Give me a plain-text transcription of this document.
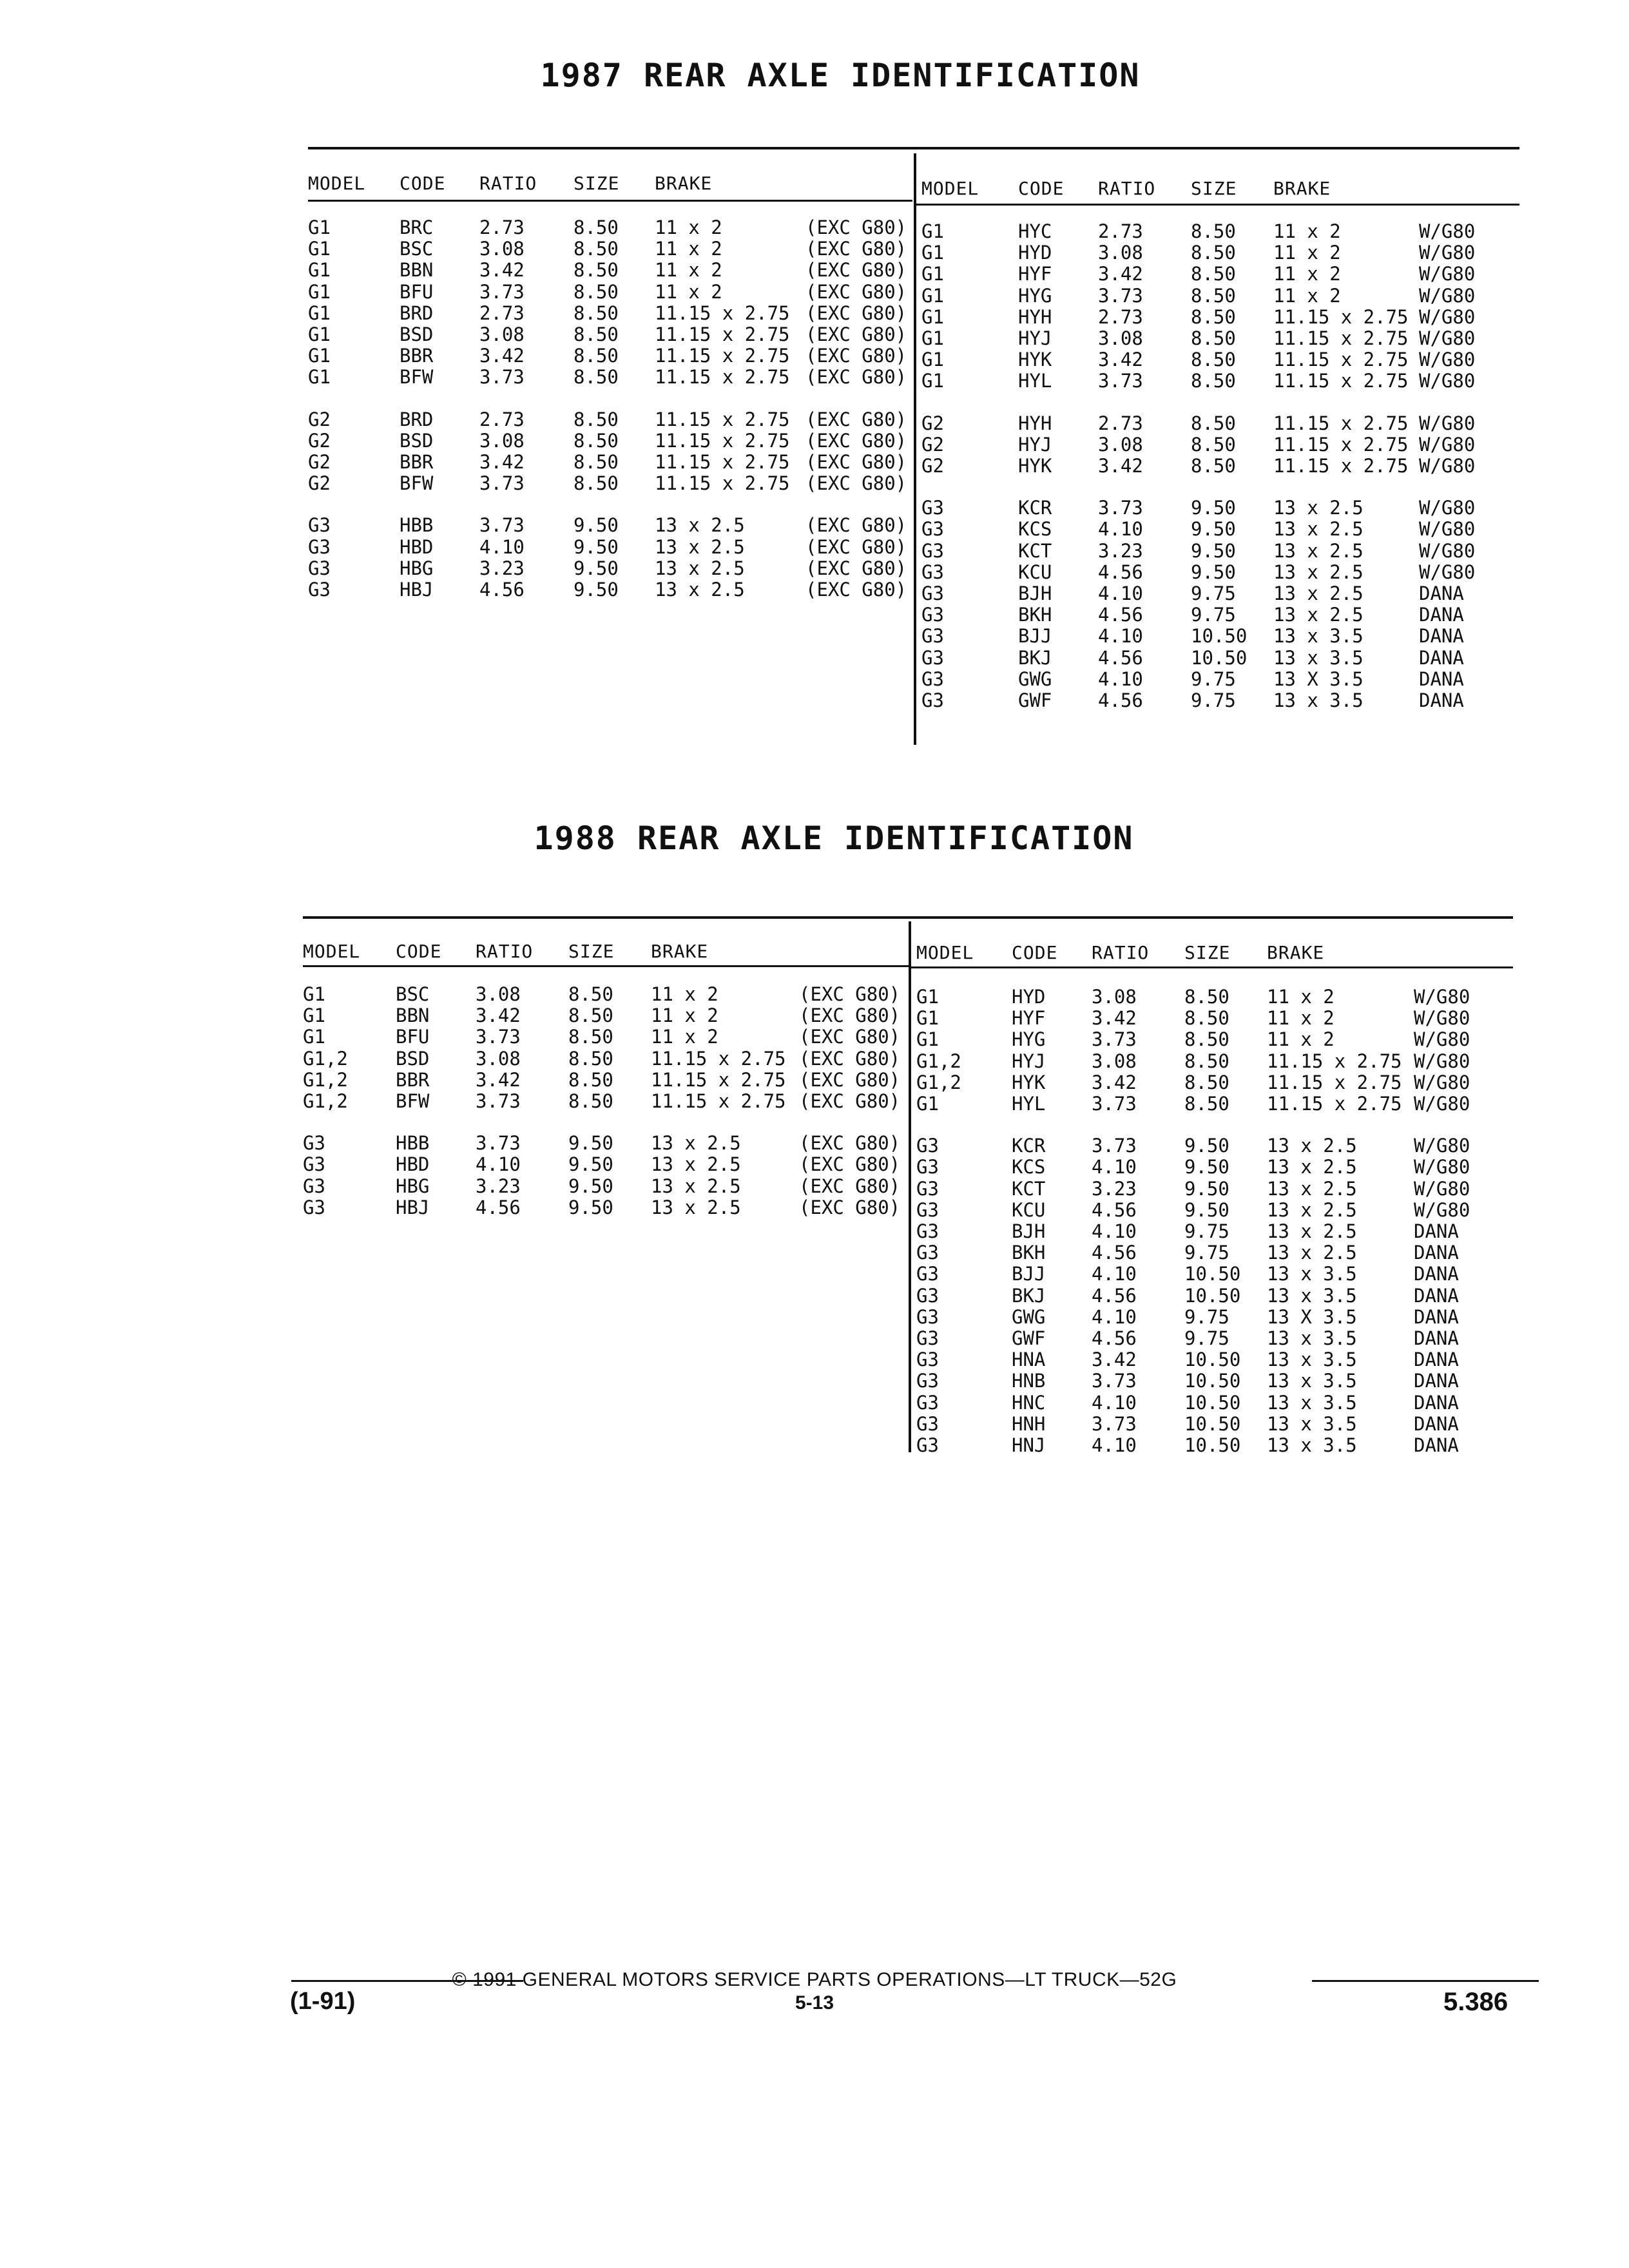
1987 REAR AXLE IDENTIFICATION
MODEL CODE RATIO SIZE BRAKE	MODEL CODE RATIO SIZE BRAKE
G1	BRC 2.73	8.50 11 x 2	(EXC G80)
G1	BSC 3.08	8.50 11 x 2	(EXC G80)
G1	BBN 3.42	8.50 11 x 2	(EXC G80)
G1	BFU 3.73	8.50 11 x 2	(EXC G80)
G1	BRD 2.73	8.50 11.15 x 2.75 (EXC G80)
G1	BSD 3.08	8.50 11.15 x 2.75 (EXC G80)
G1	BBR 3.42	8.50 11.15 x 2.75 (EXC G80)
G1	BFW 3.73	8.50 11.15 x 2.75 (EXC G80)
G2	BRD 2.73	8.50 11.15 x 2.75 (EXC G80)
G2	BSD 3.08	8.50 11.15 x 2.75 (EXC G80)
G2	BBR 3.42	8.50 11.15 x 2.75 (EXC G80)
G2	BFW 3.73	8.50 11.15 x 2.75 (EXC G80)
G3	HBB 3.73	9.50 13 x 2.5	(EXC G80)
G3	HBD 4.10	9.50 13 x 2.5	(EXC G80)
G3	HBG 3.23	9.50 13 x 2.5	(EXC G80)
G3	HBJ 4.56	9.50 13 x 2.5	(EXC G80)
G1	HYC 2.73	8.50 11 x 2	W/G80
G1	HYD 3.08	8.50 11 x 2	W/G80
G1	HYF 3.42	8.50 11 x 2	W/G80
G1	HYG 3.73	8.50 11 x 2	W/G80
G1	HYH 2.73	8.50 11.15 x 2.75 W/G80
G1	HYJ 3.08	8.50 11.15 x 2.75 W/G80
G1	HYK 3.42	8.50 11.15 x 2.75 W/G80
G1	HYL 3.73	8.50 11.15 x 2.75 W/G80
G2	HYH 2.73	8.50 11.15 x 2.75 W/G80
G2	HYJ 3.08	8.50 11.15 x 2.75 W/G80
G2	HYK 3.42	8.50 11.15 x 2.75 W/G80
G3	KCR 3.73	9.50 13 x 2.5	W/G80
G3	KCS 4.10	9.50 13 x 2.5	W/G80
G3	KCT 3.23	9.50 13 x 2.5	W/G80
G3	KCU 4.56	9.50 13 x 2.5	W/G80
G3	BJH 4.10	9.75 13 x 2.5	DANA
G3	BKH 4.56	9.75 13 x 2.5	DANA
G3	BJJ 4.10	10.50 13 x 3.5	DANA
G3	BKJ 4.56	10.50 13 x 3.5	DANA
G3	GWG 4.10	9.75 13 X 3.5	DANA
G3	GWF 4.56	9.75 13 x 3.5	DANA
1988 REAR AXLE IDENTIFICATION
MODEL CODE RATIO SIZE BRAKE	MODEL CODE RATIO SIZE BRAKE
G1	BSC 3.08	8.50 11 x 2	(EXC G80)
G1	BBN 3.42	8.50 11 x 2	(EXC G80)
G1	BFU 3.73	8.50 11 x 2	(EXC G80)
G1,2	BSD 3.08	8.50 11.15 x 2.75 (EXC G80)
G1,2	BBR 3.42	8.50 11.15 x 2.75 (EXC G80)
G1,2	BFW 3.73	8.50 11.15 x 2.75 (EXC G80)
G3	HBB 3.73	9.50 13 x 2.5	(EXC G80)
G3	HBD 4.10	9.50 13 x 2.5	(EXC G80)
G3	HBG 3.23	9.50 13 x 2.5	(EXC G80)
G3	HBJ 4.56	9.50 13 x 2.5	(EXC G80)
G1	HYD 3.08	8.50 11 x 2	W/G80
G1	HYF 3.42	8.50 11 x 2	W/G80
G1	HYG 3.73	8.50 11 x 2	W/G80
G1,2	HYJ 3.08	8.50 11.15 x 2.75 W/G80
G1,2	HYK 3.42	8.50 11.15 x 2.75 W/G80
G1	HYL 3.73	8.50 11.15 x 2.75 W/G80
G3	KCR 3.73	9.50 13 x 2.5	W/G80
G3	KCS 4.10	9.50 13 x 2.5	W/G80
G3	KCT 3.23	9.50 13 x 2.5	W/G80
G3	KCU 4.56	9.50 13 x 2.5	W/G80
G3	BJH 4.10	9.75 13 x 2.5	DANA
G3	BKH 4.56	9.75 13 x 2.5	DANA
G3	BJJ 4.10	10.50 13 x 3.5	DANA
G3	BKJ 4.56	10.50 13 x 3.5	DANA
G3	GWG 4.10	9.75 13 X 3.5	DANA
G3	GWF 4.56	9.75 13 x 3.5	DANA
G3	HNA 3.42	10.50 13 x 3.5	DANA
G3	HNB 3.73	10.50 13 x 3.5	DANA
G3	HNC 4.10	10.50 13 x 3.5	DANA
G3	HNH 3.73	10.50 13 x 3.5	DANA
G3	HNJ 4.10	10.50 13 x 3.5	DANA
© 1991 GENERAL MOTORS SERVICE PARTS OPERATIONS—LT TRUCK—52G
(1-91)	5-13	5.386
